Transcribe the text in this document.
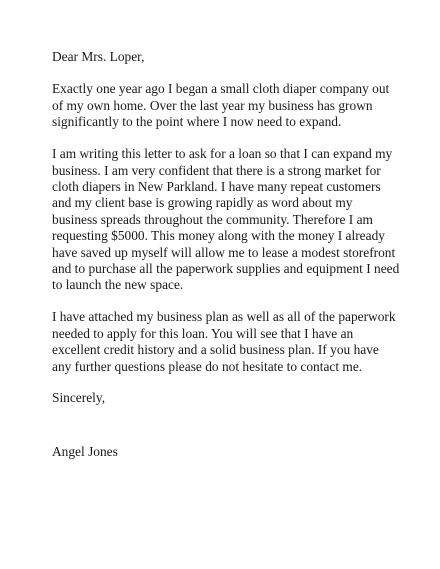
Dear Mrs. Loper,

Exactly one year ago I began a small cloth diaper company out
of my own home. Over the last year my business has grown
significantly to the point where I now need to expand.

I am writing this letter to ask for a loan so that I can expand my
business. I am very confident that there is a strong market for
cloth diapers in New Parkland. I have many repeat customers
and my client base is growing rapidly as word about my
business spreads throughout the community. Therefore I am
requesting $5000. This money along with the money I already
have saved up myself will allow me to lease a modest storefront
and to purchase all the paperwork supplies and equipment I need
to launch the new space.

I have attached my business plan as well as all of the paperwork
needed to apply for this loan. You will see that I have an
excellent credit history and a solid business plan. If you have
any further questions please do not hesitate to contact me.

Sincerely,

Angel Jones
